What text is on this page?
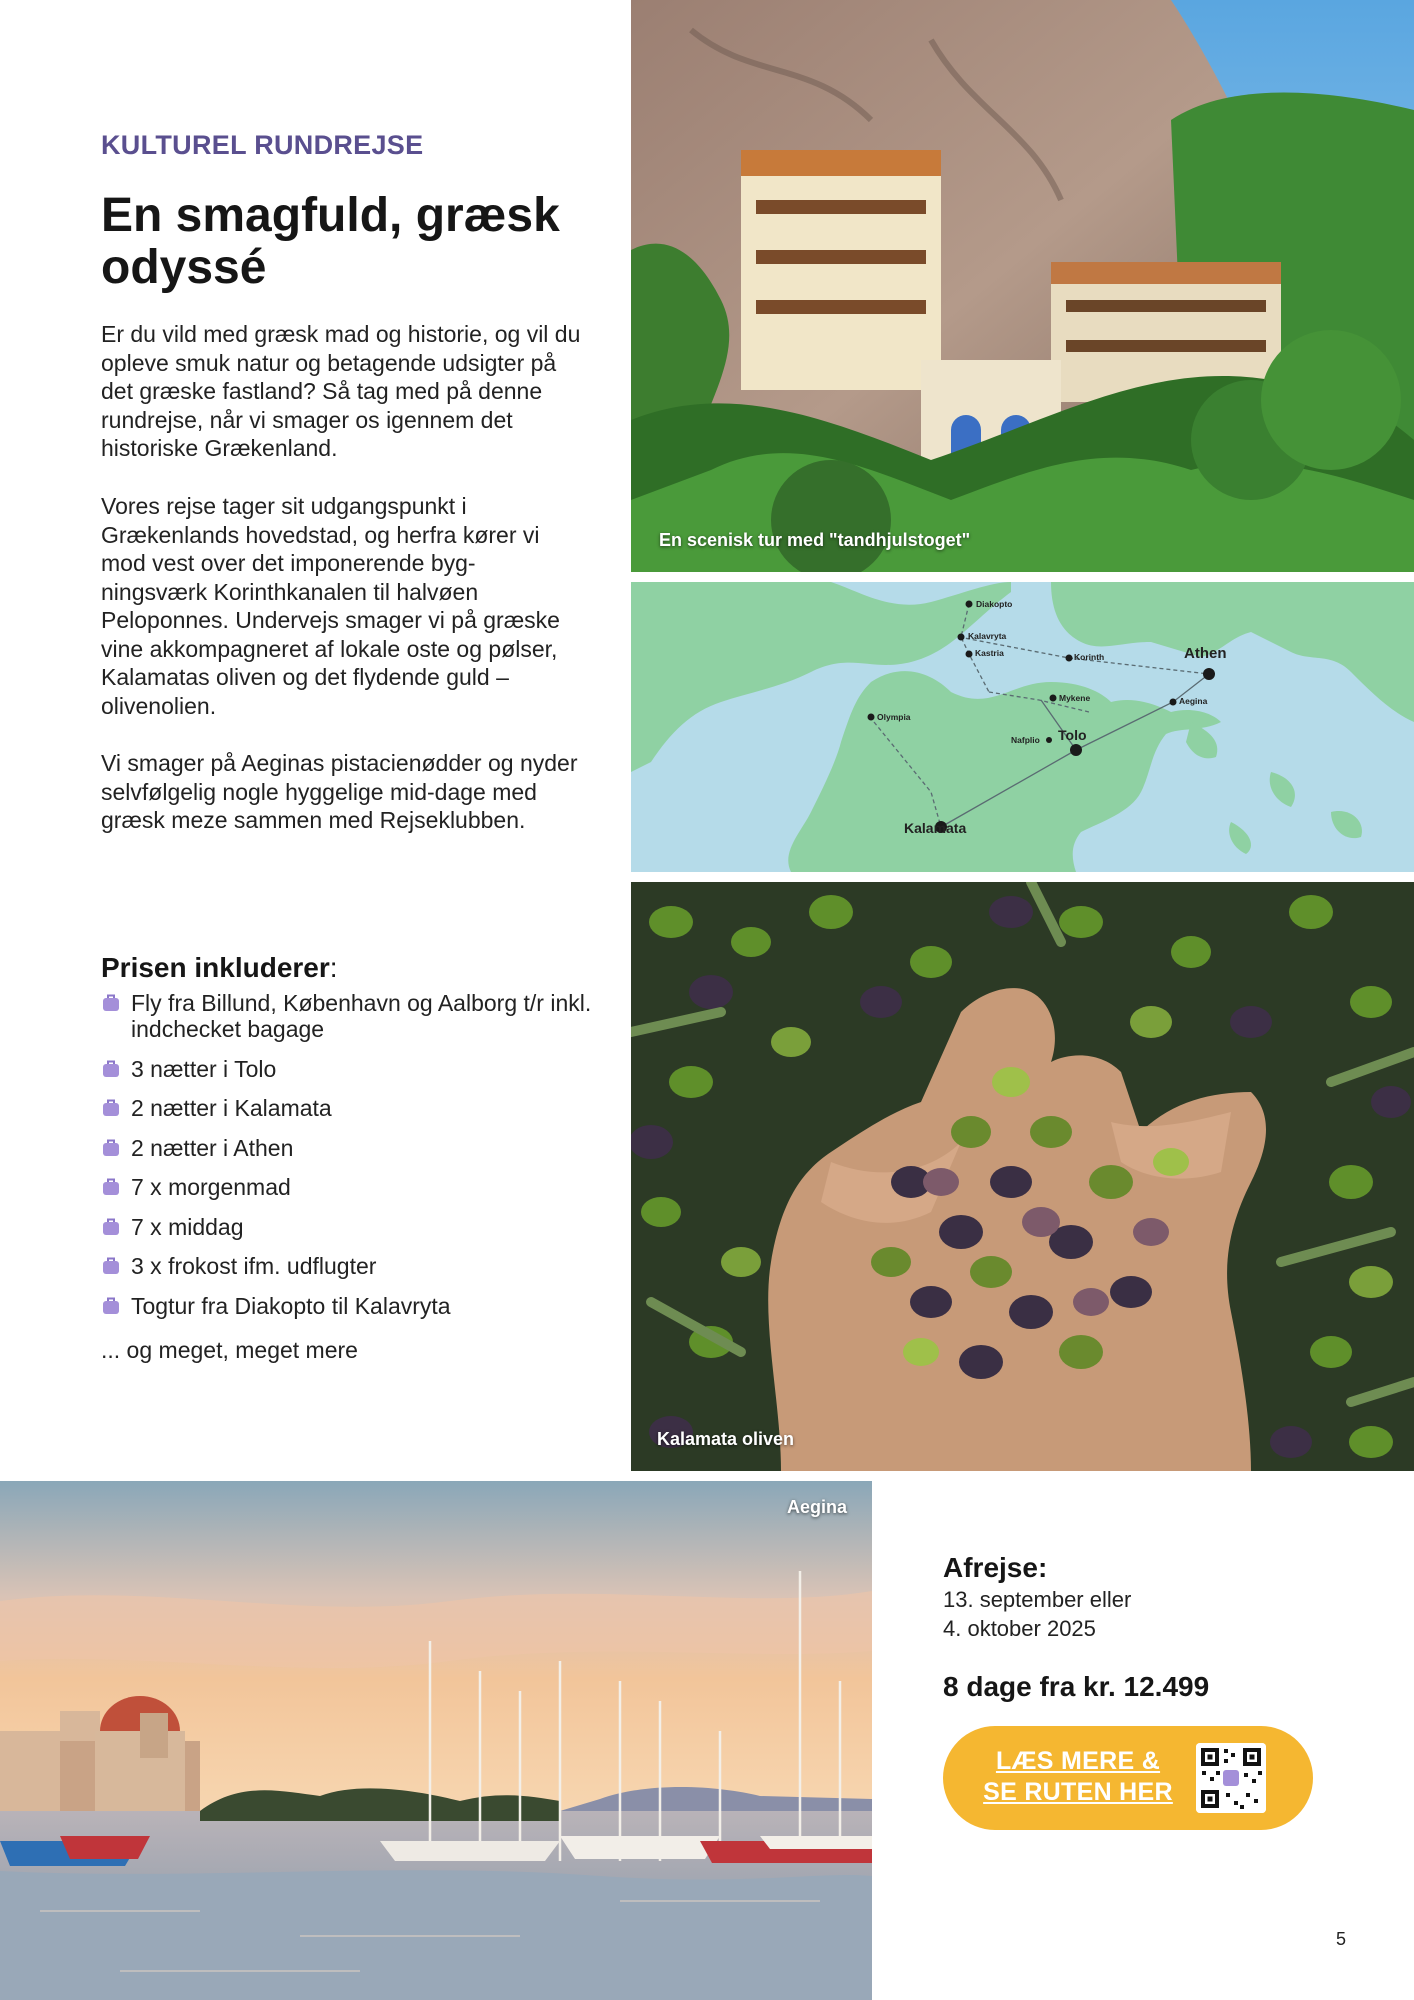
KULTUREL RUNDREJSE
En smagfuld, græsk odyssé

Er du vild med græsk mad og historie, og vil du opleve smuk natur og betagende udsigter på det græske fastland? Så tag med på denne rundrejse, når vi smager os igennem det historiske Grækenland.

Vores rejse tager sit udgangspunkt i Grækenlands hovedstad, og herfra kører vi mod vest over det imponerende byg-ningsværk Korinthkanalen til halvøen Peloponnes. Undervejs smager vi på græske vine akkompagneret af lokale oste og pølser, Kalamatas oliven og det flydende guld – olivenolien.

Vi smager på Aeginas pistacienødder og nyder selvfølgelig nogle hyggelige mid-dage med græsk meze sammen med Rejseklubben.

Prisen inkluderer:
Fly fra Billund, København og Aalborg t/r inkl. indchecket bagage
3 nætter i Tolo
2 nætter i Kalamata
2 nætter i Athen
7 x morgenmad
7 x middag
3 x frokost ifm. udflugter
Togtur fra Diakopto til Kalavryta
... og meget, meget mere
En scenisk tur med "tandhjulstoget"
Diakopto
Kalavryta
Kastria	Korinth	Athen
Mykene	Aegina
Olympia
Tolo
Nafplio
Kalamata
Kalamata oliven
Aegina
Afrejse:
13. september eller
4. oktober 2025
8 dage fra kr. 12.499
LÆS MERE &
SE RUTEN HER
5
